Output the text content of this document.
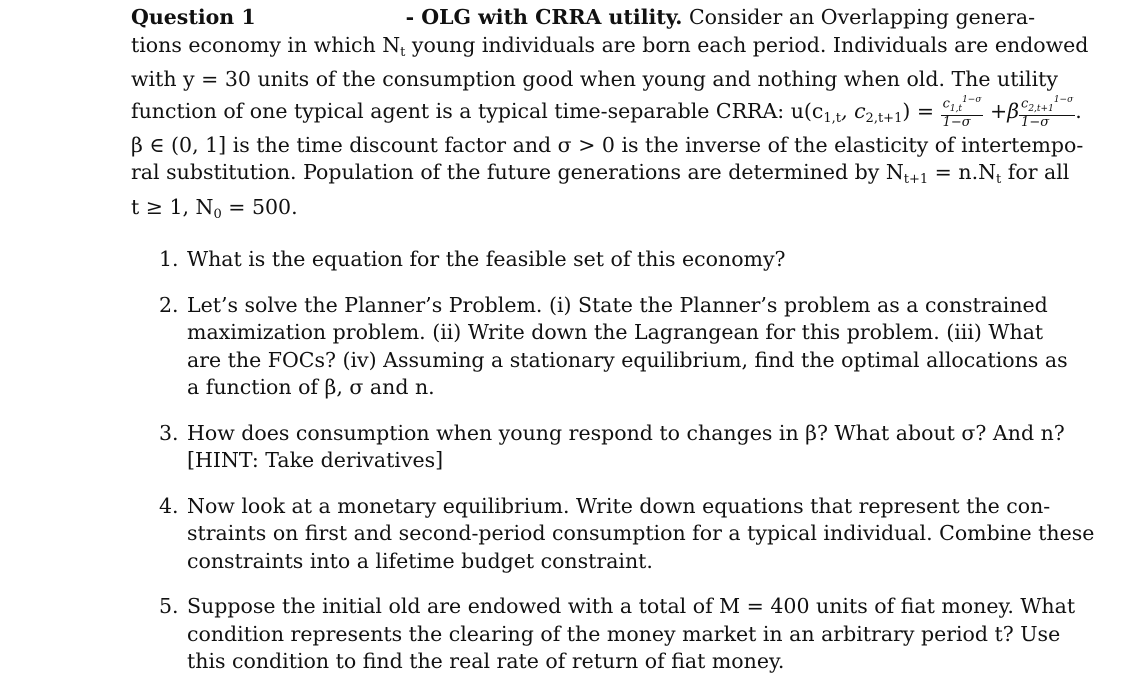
Question 1	- OLG with CRRA utility. Consider an Overlapping genera-
tions economy in which $N_t$ young individuals are born each period. Individuals are endowed
with y = 30 units of the consumption good when young and nothing when old. The utility
function of one typical agent is a typical time-separable CRRA: $u(c_{1,t}$, $c_{2,t+1}) = \frac{c_{1,t}^{1-\sigma}}{1-\sigma} +\beta \frac{c_{2,t+1}^{1-\sigma}}{1-\sigma}$ .
β ∈ (0, 1] is the time discount factor and σ > 0 is the inverse of the elasticity of intertempo-
ral substitution. Population of the future generations are determined by $N_{t+1} = n.N_t$ for all
t ≥ 1, $N_0 = 500$.
1. What is the equation for the feasible set of this economy?
2. Let’s solve the Planner’s Problem. (i) State the Planner’s problem as a constrained
maximization problem. (ii) Write down the Lagrangean for this problem. (iii) What
are the FOCs? (iv) Assuming a stationary equilibrium, find the optimal allocations as
a function of β, σ and n.
3. How does consumption when young respond to changes in β? What about σ? And n?
[HINT: Take derivatives]
4. Now look at a monetary equilibrium. Write down equations that represent the con-
straints on first and second-period consumption for a typical individual. Combine these
constraints into a lifetime budget constraint.
5. Suppose the initial old are endowed with a total of M = 400 units of fiat money. What
condition represents the clearing of the money market in an arbitrary period t? Use
this condition to find the real rate of return of fiat money.
